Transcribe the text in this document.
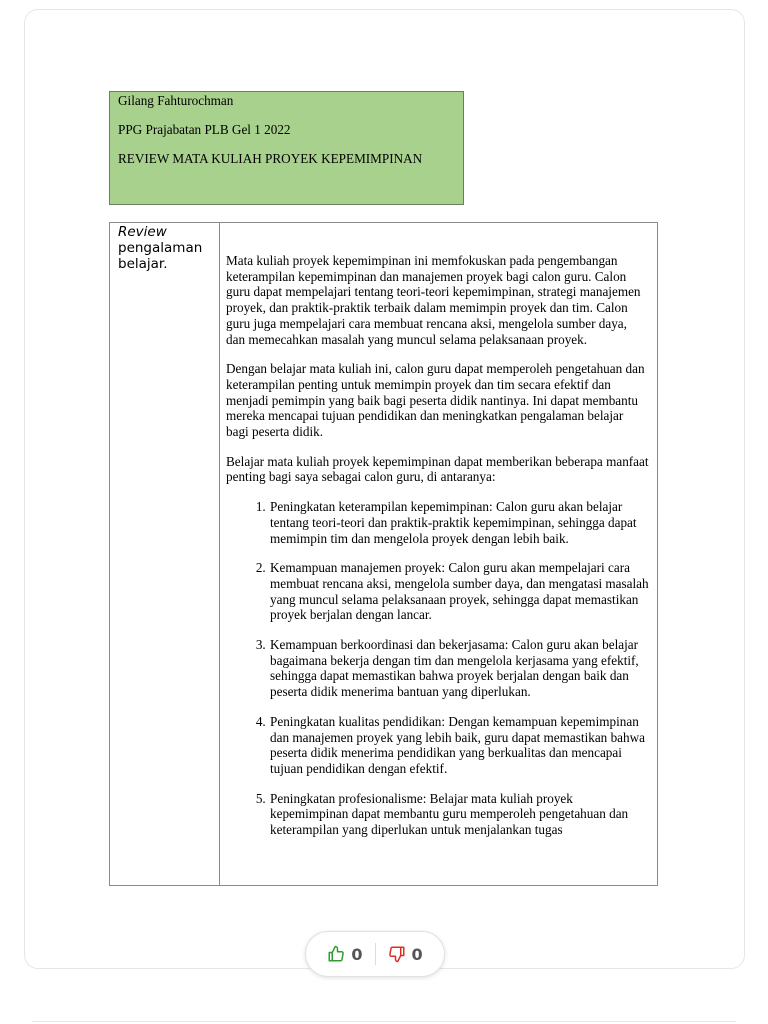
Gilang Fahturochman

PPG Prajabatan PLB Gel 1 2022

REVIEW MATA KULIAH PROYEK KEPEMIMPINAN

Review
pengalaman belajar.	Mata kuliah proyek kepemimpinan ini memfokuskan pada pengembangan keterampilan kepemimpinan dan manajemen proyek bagi calon guru. Calon guru dapat mempelajari tentang teori-teori kepemimpinan, strategi manajemen proyek, dan praktik-praktik terbaik dalam memimpin proyek dan tim. Calon guru juga mempelajari cara membuat rencana aksi, mengelola sumber daya, dan memecahkan masalah yang muncul selama pelaksanaan proyek.

Dengan belajar mata kuliah ini, calon guru dapat memperoleh pengetahuan dan keterampilan penting untuk memimpin proyek dan tim secara efektif dan menjadi pemimpin yang baik bagi peserta didik nantinya. Ini dapat membantu mereka mencapai tujuan pendidikan dan meningkatkan pengalaman belajar bagi peserta didik.

Belajar mata kuliah proyek kepemimpinan dapat memberikan beberapa manfaat penting bagi saya sebagai calon guru, di antaranya:

1. Peningkatan keterampilan kepemimpinan: Calon guru akan belajar tentang teori-teori dan praktik-praktik kepemimpinan, sehingga dapat memimpin tim dan mengelola proyek dengan lebih baik.
2. Kemampuan manajemen proyek: Calon guru akan mempelajari cara membuat rencana aksi, mengelola sumber daya, dan mengatasi masalah yang muncul selama pelaksanaan proyek, sehingga dapat memastikan proyek berjalan dengan lancar.
3. Kemampuan berkoordinasi dan bekerjasama: Calon guru akan belajar bagaimana bekerja dengan tim dan mengelola kerjasama yang efektif, sehingga dapat memastikan bahwa proyek berjalan dengan baik dan peserta didik menerima bantuan yang diperlukan.
4. Peningkatan kualitas pendidikan: Dengan kemampuan kepemimpinan dan manajemen proyek yang lebih baik, guru dapat memastikan bahwa peserta didik menerima pendidikan yang berkualitas dan mencapai tujuan pendidikan dengan efektif.
5. Peningkatan profesionalisme: Belajar mata kuliah proyek kepemimpinan dapat membantu guru memperoleh pengetahuan dan keterampilan yang diperlukan untuk menjalankan tugas
0	0
